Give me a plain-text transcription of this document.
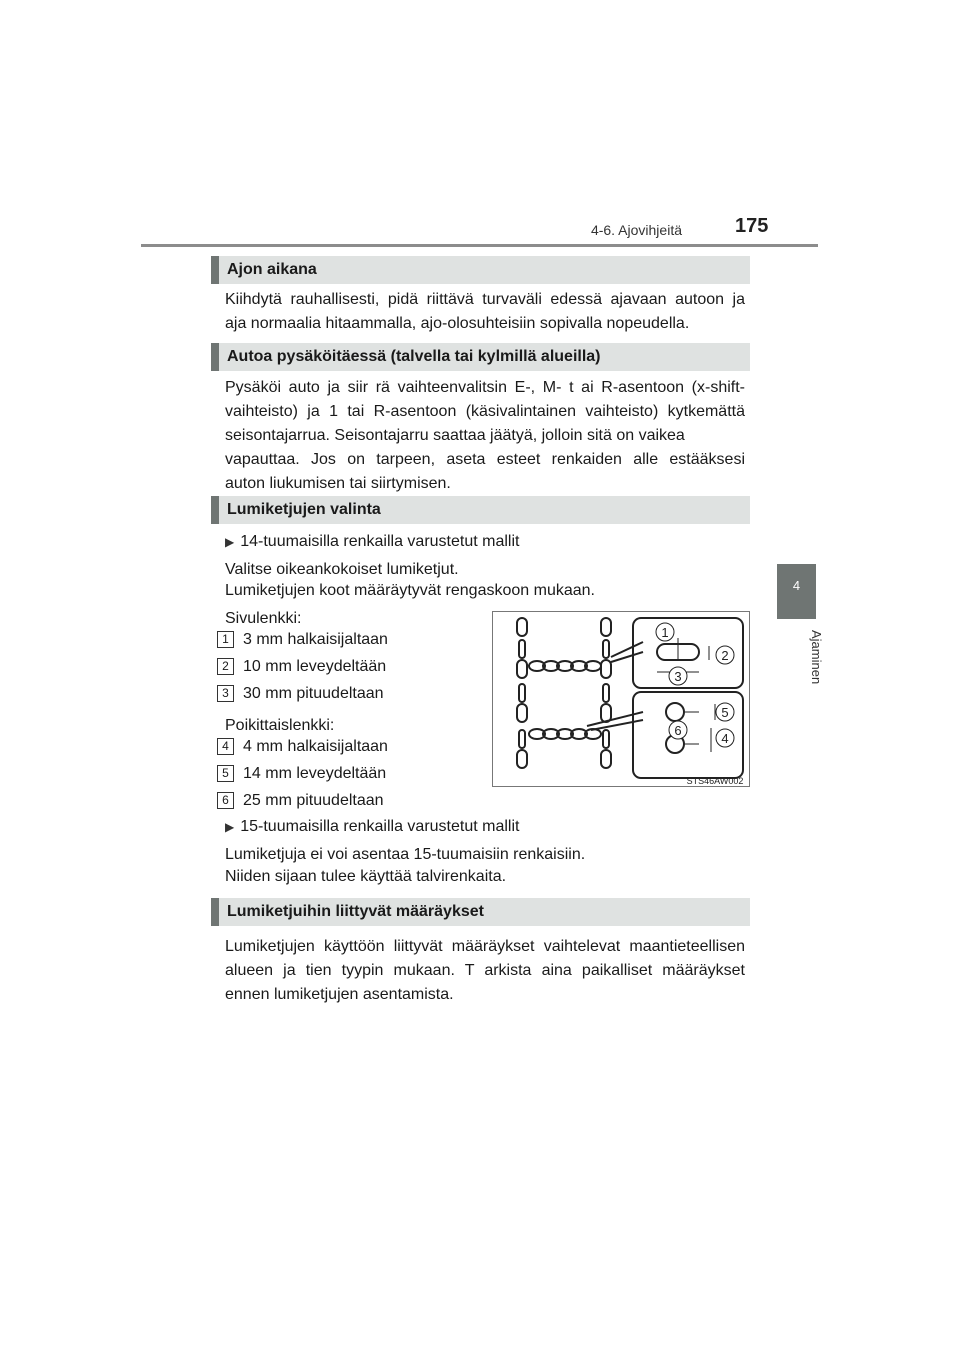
4-6. Ajovihjeitä	175
4
Ajaminen
Ajon aikana
Kiihdytä rauhallisesti, pidä riittävä turvaväli edessä ajavaan autoon ja
aja normaalia hitaammalla, ajo-olosuhteisiin sopivalla nopeudella.
Autoa pysäköitäessä (talvella tai kylmillä alueilla)
Pysäköi auto ja siir rä vaihteenvalitsin E-, M- t ai R-asentoon (x-shift-
vaihteisto) ja 1 tai R-asentoon (käsivalintainen vaihteisto) kytkemättä
seisontajarrua. Seisontajarru saattaa jäätyä, jolloin sitä on vaikea
vapauttaa. Jos on tarpeen, aseta esteet renkaiden alle estääksesi
auton liukumisen tai siirtymisen.
Lumiketjujen valinta
▶ 14-tuumaisilla renkailla varustetut mallit
Valitse oikeankokoiset lumiketjut.
Lumiketjujen koot määräytyvät rengaskoon mukaan.
Sivulenkki:
1 3 mm halkaisijaltaan
2 10 mm leveydeltään
3 30 mm pituudeltaan
Poikittaislenkki:
4 4 mm halkaisijaltaan
5 14 mm leveydeltään
6 25 mm pituudeltaan
▶ 15-tuumaisilla renkailla varustetut mallit
Lumiketjuja ei voi asentaa 15-tuumaisiin renkaisiin.
Niiden sijaan tulee käyttää talvirenkaita.
1
2
3
5
6
4
STS46AW002
Lumiketjuihin liittyvät määräykset
Lumiketjujen käyttöön liittyvät määräykset vaihtelevat maantieteellisen
alueen ja tien tyypin mukaan. T arkista aina paikalliset määräykset
ennen lumiketjujen asentamista.
